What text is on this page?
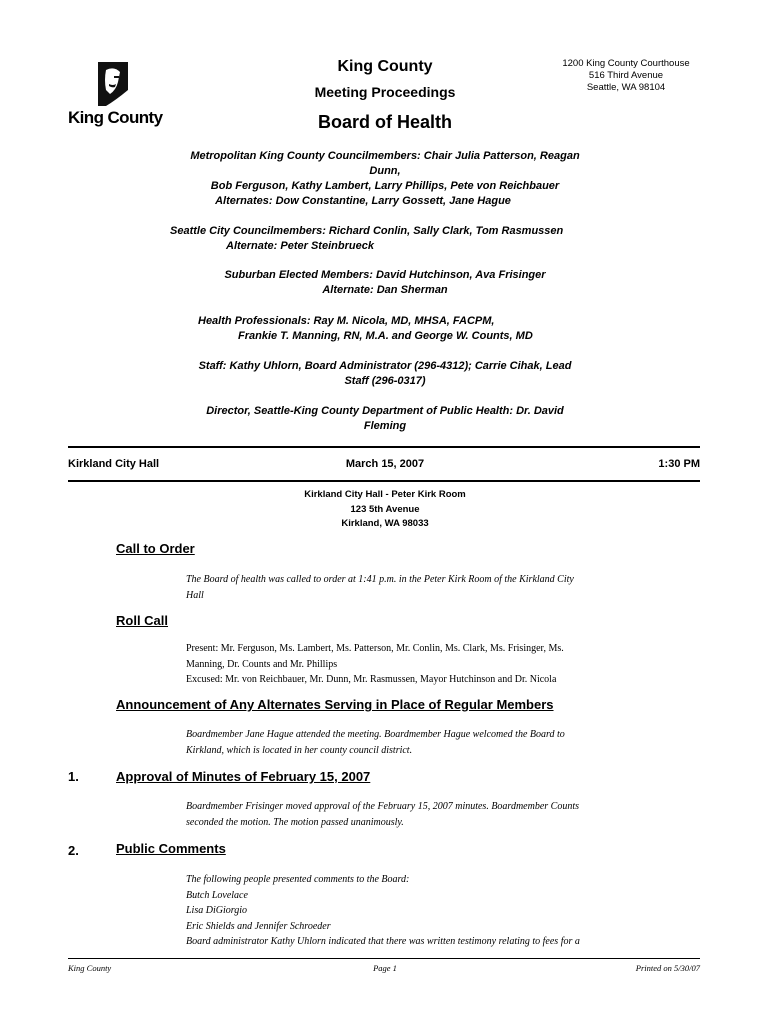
King County
King County
Meeting Proceedings
Board of Health
1200 King County Courthouse
516 Third Avenue
Seattle, WA 98104
Metropolitan King County Councilmembers: Chair Julia Patterson, Reagan
Dunn,
Bob Ferguson, Kathy Lambert, Larry Phillips, Pete von Reichbauer
Alternates: Dow Constantine, Larry Gossett, Jane Hague
Seattle City Councilmembers: Richard Conlin, Sally Clark, Tom Rasmussen
Alternate: Peter Steinbrueck
Suburban Elected Members: David Hutchinson, Ava Frisinger
Alternate: Dan Sherman
Health Professionals: Ray M. Nicola, MD, MHSA, FACPM,
Frankie T. Manning, RN, M.A. and George W. Counts, MD
Staff: Kathy Uhlorn, Board Administrator (296-4312); Carrie Cihak, Lead
Staff (296-0317)
Director, Seattle-King County Department of Public Health: Dr. David
Fleming
Kirkland City Hall	March 15, 2007	1:30 PM
Kirkland City Hall - Peter Kirk Room
123 5th Avenue
Kirkland, WA 98033
Call to Order
The Board of health was called to order at 1:41 p.m. in the Peter Kirk Room of the Kirkland City
Hall
Roll Call
Present: Mr. Ferguson, Ms. Lambert, Ms. Patterson, Mr. Conlin, Ms. Clark, Ms. Frisinger, Ms.
Manning, Dr. Counts and Mr. Phillips
Excused: Mr. von Reichbauer, Mr. Dunn, Mr. Rasmussen, Mayor Hutchinson and Dr. Nicola
Announcement of Any Alternates Serving in Place of Regular Members
Boardmember Jane Hague attended the meeting. Boardmember Hague welcomed the Board to
Kirkland, which is located in her county council district.
1.	Approval of Minutes of February 15, 2007
Boardmember Frisinger moved approval of the February 15, 2007 minutes. Boardmember Counts
seconded the motion. The motion passed unanimously.
2.	Public Comments
The following people presented comments to the Board:
Butch Lovelace
Lisa DiGiorgio
Eric Shields and Jennifer Schroeder
Board administrator Kathy Uhlorn indicated that there was written testimony relating to fees for a
King County	Page 1	Printed on 5/30/07
